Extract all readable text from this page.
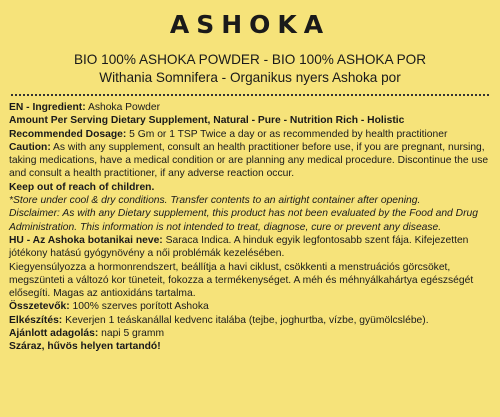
ASHOKA
BIO 100% ASHOKA POWDER - BIO 100% ASHOKA POR
Withania Somnifera - Organikus nyers Ashoka por

EN - Ingredient: Ashoka Powder

Amount Per Serving Dietary Supplement, Natural - Pure - Nutrition Rich - Holistic

Recommended Dosage: 5 Gm or 1 TSP Twice a day or as recommended by health practitioner

Caution: As with any supplement, consult an health practitioner before use, if you are pregnant, nursing, taking medications, have a medical condition or are planning any medical procedure. Discontinue the use and consult a health practitioner, if any adverse reaction occur.

Keep out of reach of children.

*Store under cool & dry conditions. Transfer contents to an airtight container after opening.

Disclaimer: As with any Dietary supplement, this product has not been evaluated by the Food and Drug Administration. This information is not intended to treat, diagnose, cure or prevent any disease.

HU - Az Ashoka botanikai neve: Saraca Indica. A hinduk egyik legfontosabb szent fája. Kifejezetten jótékony hatású gyógynövény a női problémák kezelésében.

Kiegyensúlyozza a hormonrendszert, beállítja a havi ciklust, csökkenti a menstruációs görcsöket, megszünteti a változó kor tüneteit, fokozza a termékenységet. A méh és méhnyálkahártya egészségét elősegíti. Magas az antioxidáns tartalma.

Összetevők: 100% szerves porított Ashoka

Elkészítés: Keverjen 1 teáskanállal kedvenc italába (tejbe, joghurtba, vízbe, gyümölcslébe).

Ajánlott adagolás: napi 5 gramm

Száraz, hűvös helyen tartandó!
